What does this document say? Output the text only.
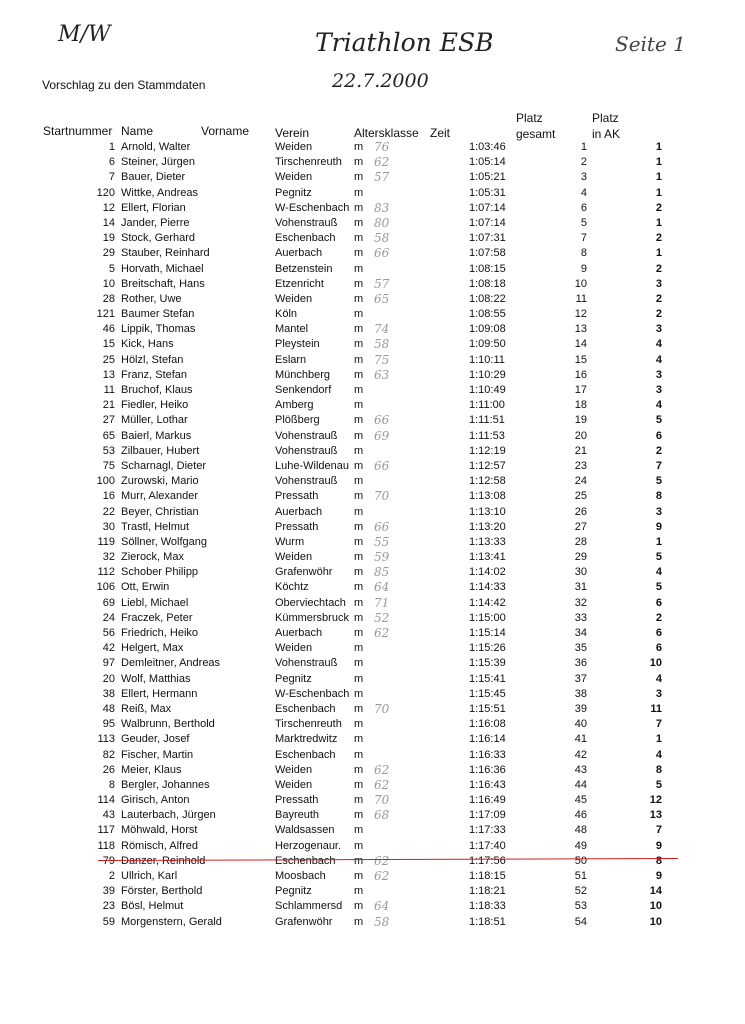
M/W	Triathlon ESB
22.7.2000
Seite 1
Vorschlag zu den Stammdaten
Startnummer Name	Vorname Verein	Altersklasse Zeit
Platz
gesamt
Platz
in AK
1 Arnold, Walter	Weiden	m 76	1:03:46	1	1
6 Steiner, Jürgen	Tirschenreuth	m 62	1:05:14	2	1
7 Bauer, Dieter	Weiden	m 57	1:05:21	3	1
120 Wittke, Andreas	Pegnitz	m	1:05:31	4	1
12 Ellert, Florian	W-Eschenbach m 83	1:07:14	6	2
14 Jander, Pierre	Vohenstrauß	m 80	1:07:14	5	1
19 Stock, Gerhard	Eschenbach	m 58	1:07:31	7	2
29 Stauber, Reinhard	Auerbach	m 66	1:07:58	8	1
5 Horvath, Michael	Betzenstein	m	1:08:15	9	2
10 Breitschaft, Hans	Etzenricht	m 57	1:08:18	10	3
28 Rother, Uwe	Weiden	m 65	1:08:22	11	2
121 Baumer Stefan	Köln	m	1:08:55	12	2
46 Lippik, Thomas	Mantel	m 74	1:09:08	13	3
15 Kick, Hans	Pleystein	m 58	1:09:50	14	4
25 Hölzl, Stefan	Eslarn	m 75	1:10:11	15	4
13 Franz, Stefan	Münchberg	m 63	1:10:29	16	3
11 Bruchof, Klaus	Senkendorf	m	1:10:49	17	3
21 Fiedler, Heiko	Amberg	m	1:11:00	18	4
27 Müller, Lothar	Plößberg	m 66	1:11:51	19	5
65 Baierl, Markus	Vohenstrauß	m 69	1:11:53	20	6
53 Zilbauer, Hubert	Vohenstrauß	m	1:12:19	21	2
75 Scharnagl, Dieter	Luhe-Wildenau m 66	1:12:57	23	7
100 Zurowski, Mario	Vohenstrauß	m	1:12:58	24	5
16 Murr, Alexander	Pressath	m 70	1:13:08	25	8
22 Beyer, Christian	Auerbach	m	1:13:10	26	3
30 Trastl, Helmut	Pressath	m 66	1:13:20	27	9
119 Söllner, Wolfgang	Wurm	m 55	1:13:33	28	1
32 Zierock, Max	Weiden	m 59	1:13:41	29	5
112 Schober Philipp	Grafenwöhr	m 85	1:14:02	30	4
106 Ott, Erwin	Köchtz	m 64	1:14:33	31	5
69 Liebl, Michael	Oberviechtach m 71	1:14:42	32	6
24 Fraczek, Peter	Kümmersbruck m 52	1:15:00	33	2
56 Friedrich, Heiko	Auerbach	m 62	1:15:14	34	6
42 Helgert, Max	Weiden	m	1:15:26	35	6
97 Demleitner, Andreas	Vohenstrauß	m	1:15:39	36	10
20 Wolf, Matthias	Pegnitz	m	1:15:41	37	4
38 Ellert, Hermann	W-Eschenbach m	1:15:45	38	3
48 Reiß, Max	Eschenbach	m 70	1:15:51	39	11
95 Walbrunn, Berthold	Tirschenreuth	m	1:16:08	40	7
113 Geuder, Josef	Marktredwitz	m	1:16:14	41	1
82 Fischer, Martin	Eschenbach	m	1:16:33	42	4
26 Meier, Klaus	Weiden	m 62	1:16:36	43	8
8 Bergler, Johannes	Weiden	m 62	1:16:43	44	5
114 Girisch, Anton	Pressath	m 70	1:16:49	45	12
43 Lauterbach, Jürgen	Bayreuth	m 68	1:17:09	46	13
117 Möhwald, Horst	Waldsassen	m	1:17:33	48	7
118 Römisch, Alfred	Herzogenaur.	m	1:17:40	49	9
79 Danzer, Reinhold	Eschenbach	m 62	1:17:56	50	8
2 Ullrich, Karl	Moosbach	m 62	1:18:15	51	9
39 Förster, Berthold	Pegnitz	m	1:18:21	52	14
23 Bösl, Helmut	Schlammersd	m 64	1:18:33	53	10
59 Morgenstern, Gerald	Grafenwöhr	m 58	1:18:51	54	10
